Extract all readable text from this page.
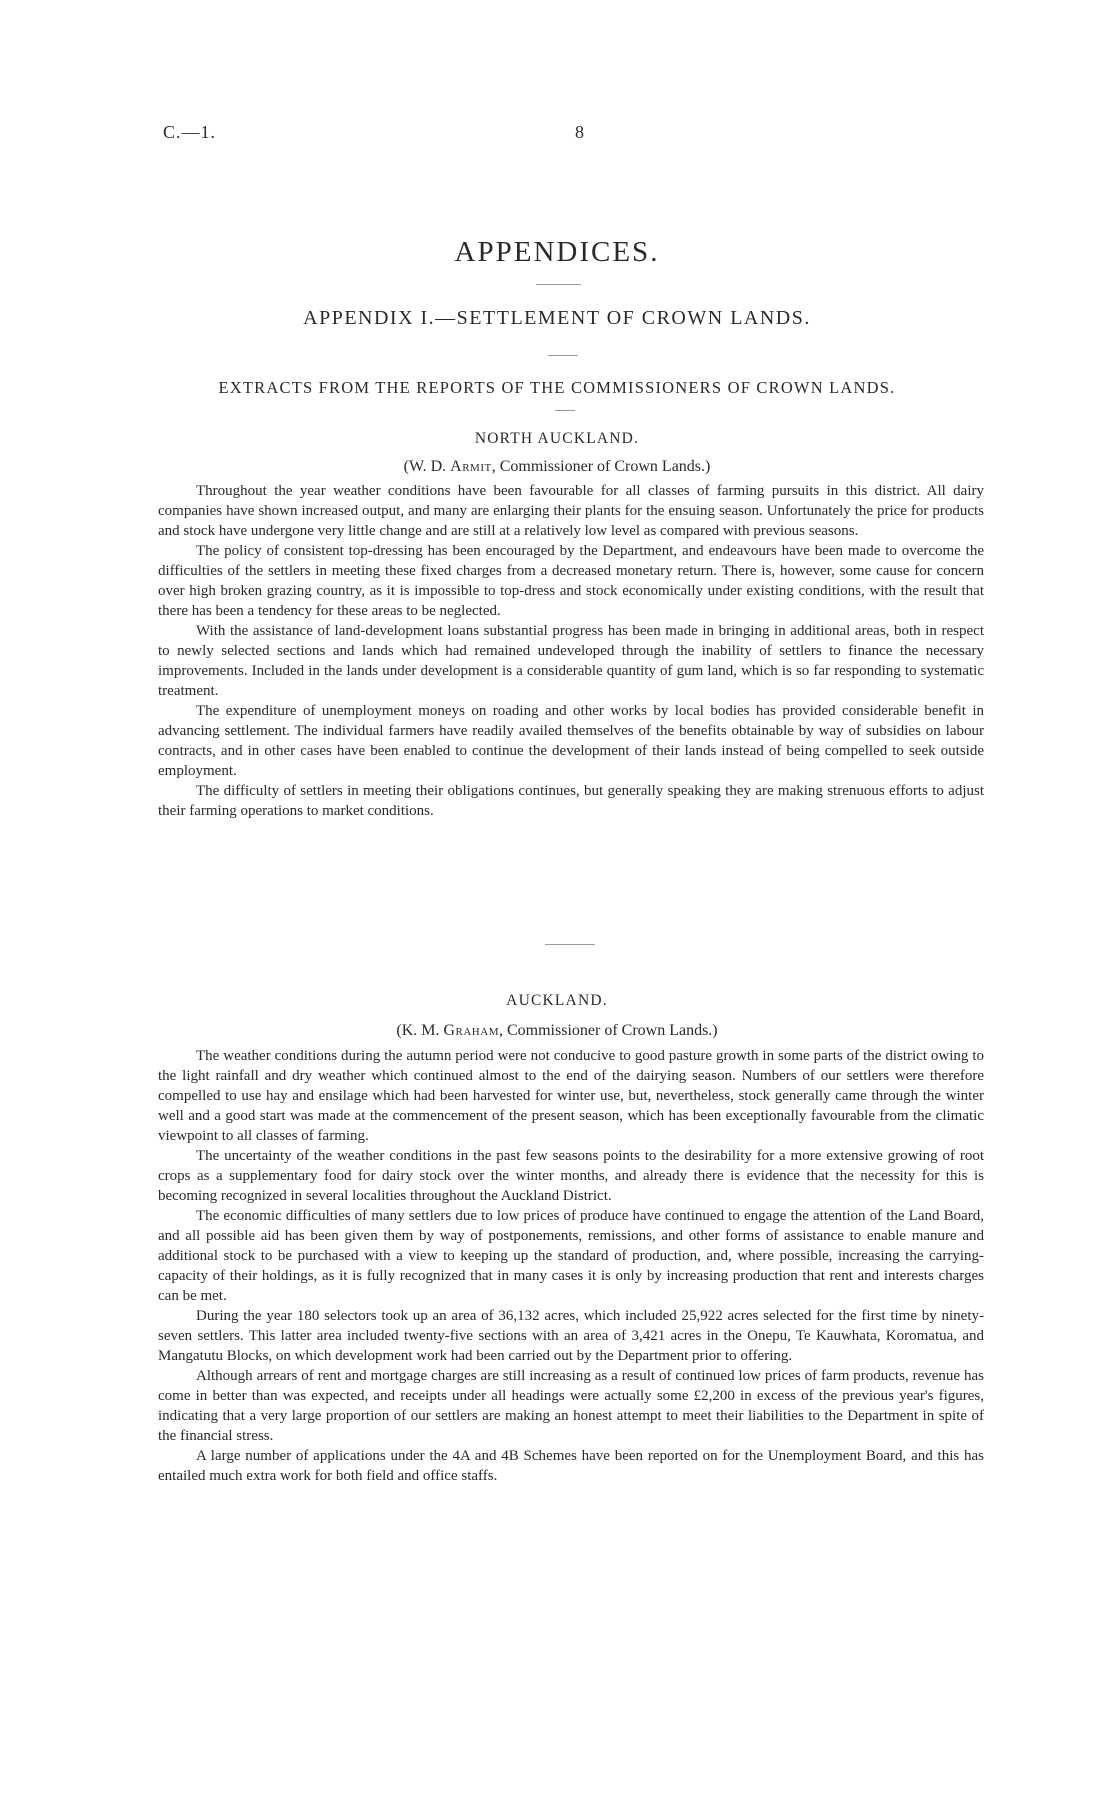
C.—1.	8
APPENDICES.
APPENDIX I.—SETTLEMENT OF CROWN LANDS.
EXTRACTS FROM THE REPORTS OF THE COMMISSIONERS OF CROWN LANDS.
NORTH AUCKLAND.
(W. D. Armit, Commissioner of Crown Lands.)

Throughout the year weather conditions have been favourable for all classes of farming pursuits in this district. All dairy companies have shown increased output, and many are enlarging their plants for the ensuing season. Unfortunately the price for products and stock have undergone very little change and are still at a relatively low level as compared with previous seasons.

The policy of consistent top-dressing has been encouraged by the Department, and endeavours have been made to overcome the difficulties of the settlers in meeting these fixed charges from a decreased monetary return. There is, however, some cause for concern over high broken grazing country, as it is impossible to top-dress and stock economically under existing conditions, with the result that there has been a tendency for these areas to be neglected.

With the assistance of land-development loans substantial progress has been made in bringing in additional areas, both in respect to newly selected sections and lands which had remained undeveloped through the inability of settlers to finance the necessary improvements. Included in the lands under development is a considerable quantity of gum land, which is so far responding to systematic treatment.

The expenditure of unemployment moneys on roading and other works by local bodies has provided considerable benefit in advancing settlement. The individual farmers have readily availed themselves of the benefits obtainable by way of subsidies on labour contracts, and in other cases have been enabled to continue the development of their lands instead of being compelled to seek outside employment.

The difficulty of settlers in meeting their obligations continues, but generally speaking they are making strenuous efforts to adjust their farming operations to market conditions.

AUCKLAND.
(K. M. Graham, Commissioner of Crown Lands.)

The weather conditions during the autumn period were not conducive to good pasture growth in some parts of the district owing to the light rainfall and dry weather which continued almost to the end of the dairying season. Numbers of our settlers were therefore compelled to use hay and ensilage which had been harvested for winter use, but, nevertheless, stock generally came through the winter well and a good start was made at the commencement of the present season, which has been exceptionally favourable from the climatic viewpoint to all classes of farming.

The uncertainty of the weather conditions in the past few seasons points to the desirability for a more extensive growing of root crops as a supplementary food for dairy stock over the winter months, and already there is evidence that the necessity for this is becoming recognized in several localities throughout the Auckland District.

The economic difficulties of many settlers due to low prices of produce have continued to engage the attention of the Land Board, and all possible aid has been given them by way of postponements, remissions, and other forms of assistance to enable manure and additional stock to be purchased with a view to keeping up the standard of production, and, where possible, increasing the carrying-capacity of their holdings, as it is fully recognized that in many cases it is only by increasing production that rent and interests charges can be met.

During the year 180 selectors took up an area of 36,132 acres, which included 25,922 acres selected for the first time by ninety-seven settlers. This latter area included twenty-five sections with an area of 3,421 acres in the Onepu, Te Kauwhata, Koromatua, and Mangatutu Blocks, on which development work had been carried out by the Department prior to offering.

Although arrears of rent and mortgage charges are still increasing as a result of continued low prices of farm products, revenue has come in better than was expected, and receipts under all headings were actually some £2,200 in excess of the previous year's figures, indicating that a very large proportion of our settlers are making an honest attempt to meet their liabilities to the Department in spite of the financial stress.

A large number of applications under the 4A and 4B Schemes have been reported on for the Unemployment Board, and this has entailed much extra work for both field and office staffs.
